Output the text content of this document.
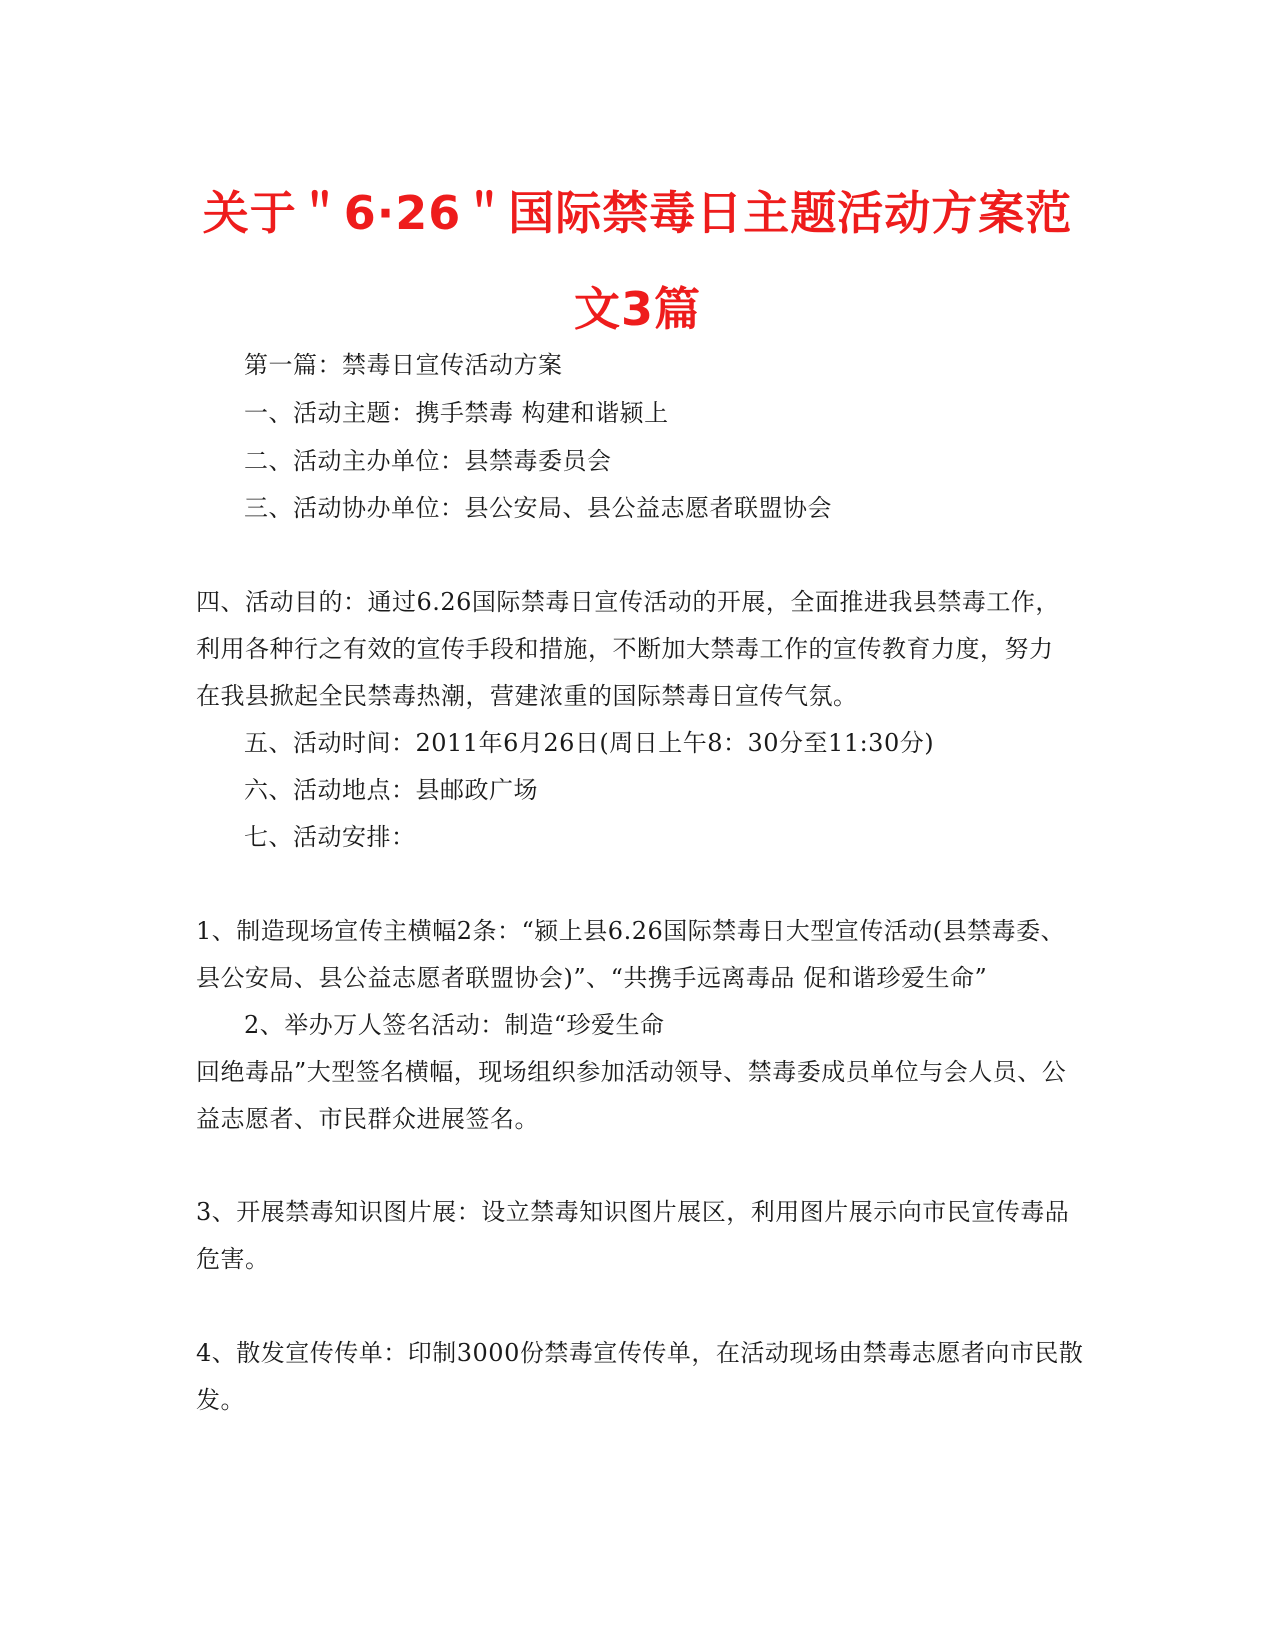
关于＂6·26＂国际禁毒日主题活动方案范
文3篇
第一篇：禁毒日宣传活动方案
一、活动主题：携手禁毒 构建和谐颍上
二、活动主办单位：县禁毒委员会
三、活动协办单位：县公安局、县公益志愿者联盟协会
四、活动目的：通过6.26国际禁毒日宣传活动的开展，全面推进我县禁毒工作，
利用各种行之有效的宣传手段和措施，不断加大禁毒工作的宣传教育力度，努力
在我县掀起全民禁毒热潮，营建浓重的国际禁毒日宣传气氛。
五、活动时间：2011年6月26日(周日上午8：30分至11:30分)
六、活动地点：县邮政广场
七、活动安排：
1、制造现场宣传主横幅2条：“颍上县6.26国际禁毒日大型宣传活动(县禁毒委、
县公安局、县公益志愿者联盟协会)”、“共携手远离毒品 促和谐珍爱生命”
2、举办万人签名活动：制造“珍爱生命
回绝毒品”大型签名横幅，现场组织参加活动领导、禁毒委成员单位与会人员、公
益志愿者、市民群众进展签名。
3、开展禁毒知识图片展：设立禁毒知识图片展区，利用图片展示向市民宣传毒品
危害。
4、散发宣传传单：印制3000份禁毒宣传传单，在活动现场由禁毒志愿者向市民散
发。
